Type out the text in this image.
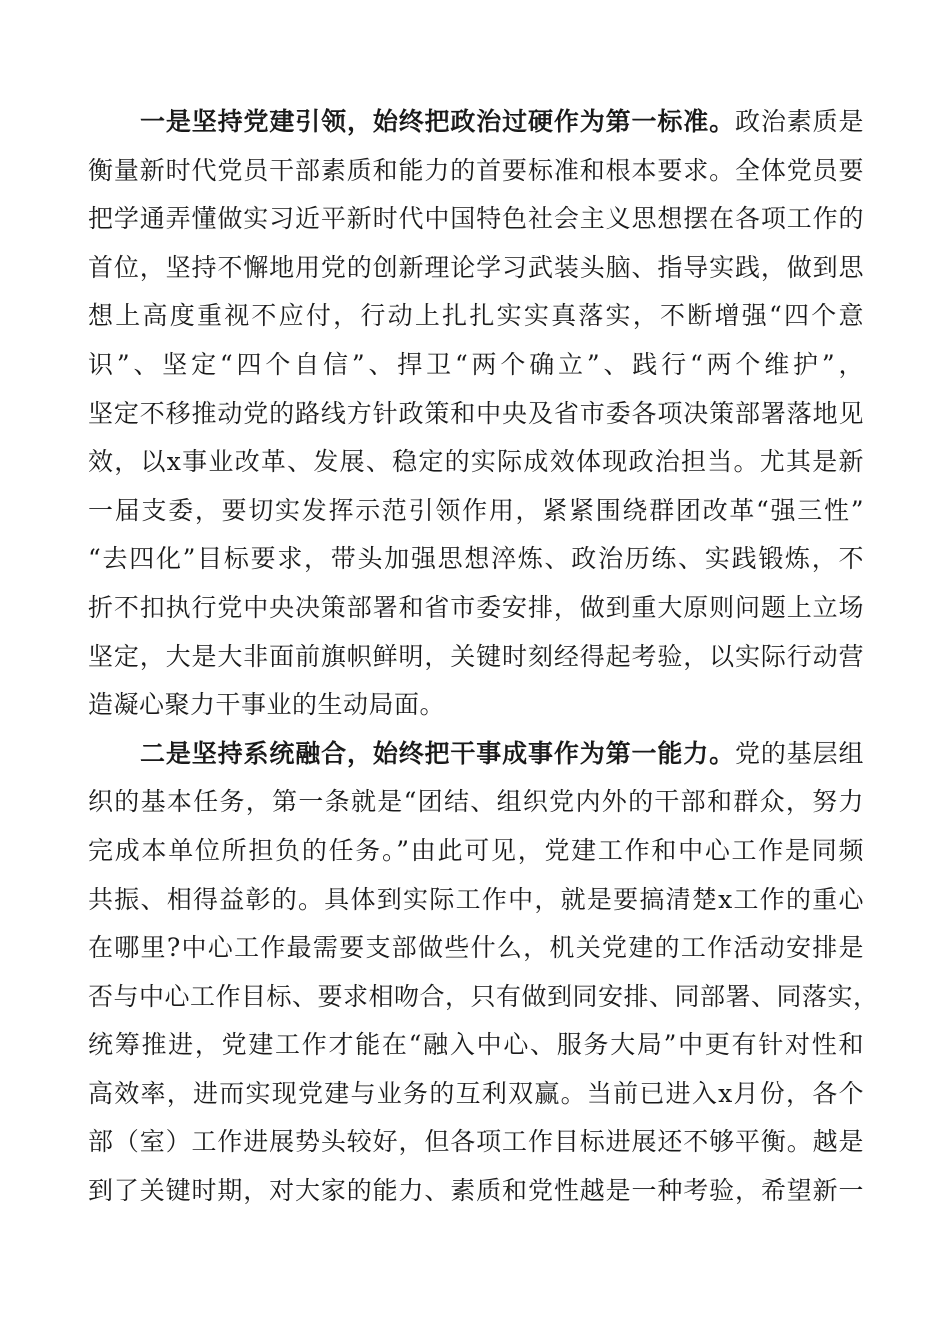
一是坚持党建引领，始终把政治过硬作为第一标准。政治素质是
衡量新时代党员干部素质和能力的首要标准和根本要求。全体党员要
把学通弄懂做实习近平新时代中国特色社会主义思想摆在各项工作的
首位，坚持不懈地用党的创新理论学习武装头脑、指导实践，做到思
想上高度重视不应付，行动上扎扎实实真落实，不断增强“四个意
识”、坚定“四个自信”、捍卫“两个确立”、践行“两个维护”，
坚定不移推动党的路线方针政策和中央及省市委各项决策部署落地见
效，以x事业改革、发展、稳定的实际成效体现政治担当。尤其是新
一届支委，要切实发挥示范引领作用，紧紧围绕群团改革“强三性”
“去四化”目标要求，带头加强思想淬炼、政治历练、实践锻炼，不
折不扣执行党中央决策部署和省市委安排，做到重大原则问题上立场
坚定，大是大非面前旗帜鲜明，关键时刻经得起考验，以实际行动营
造凝心聚力干事业的生动局面。
二是坚持系统融合，始终把干事成事作为第一能力。党的基层组
织的基本任务，第一条就是“团结、组织党内外的干部和群众，努力
完成本单位所担负的任务。”由此可见，党建工作和中心工作是同频
共振、相得益彰的。具体到实际工作中，就是要搞清楚x工作的重心
在哪里?中心工作最需要支部做些什么，机关党建的工作活动安排是
否与中心工作目标、要求相吻合，只有做到同安排、同部署、同落实，
统筹推进，党建工作才能在“融入中心、服务大局”中更有针对性和
高效率，进而实现党建与业务的互利双赢。当前已进入x月份，各个
部（室）工作进展势头较好，但各项工作目标进展还不够平衡。越是
到了关键时期，对大家的能力、素质和党性越是一种考验，希望新一
